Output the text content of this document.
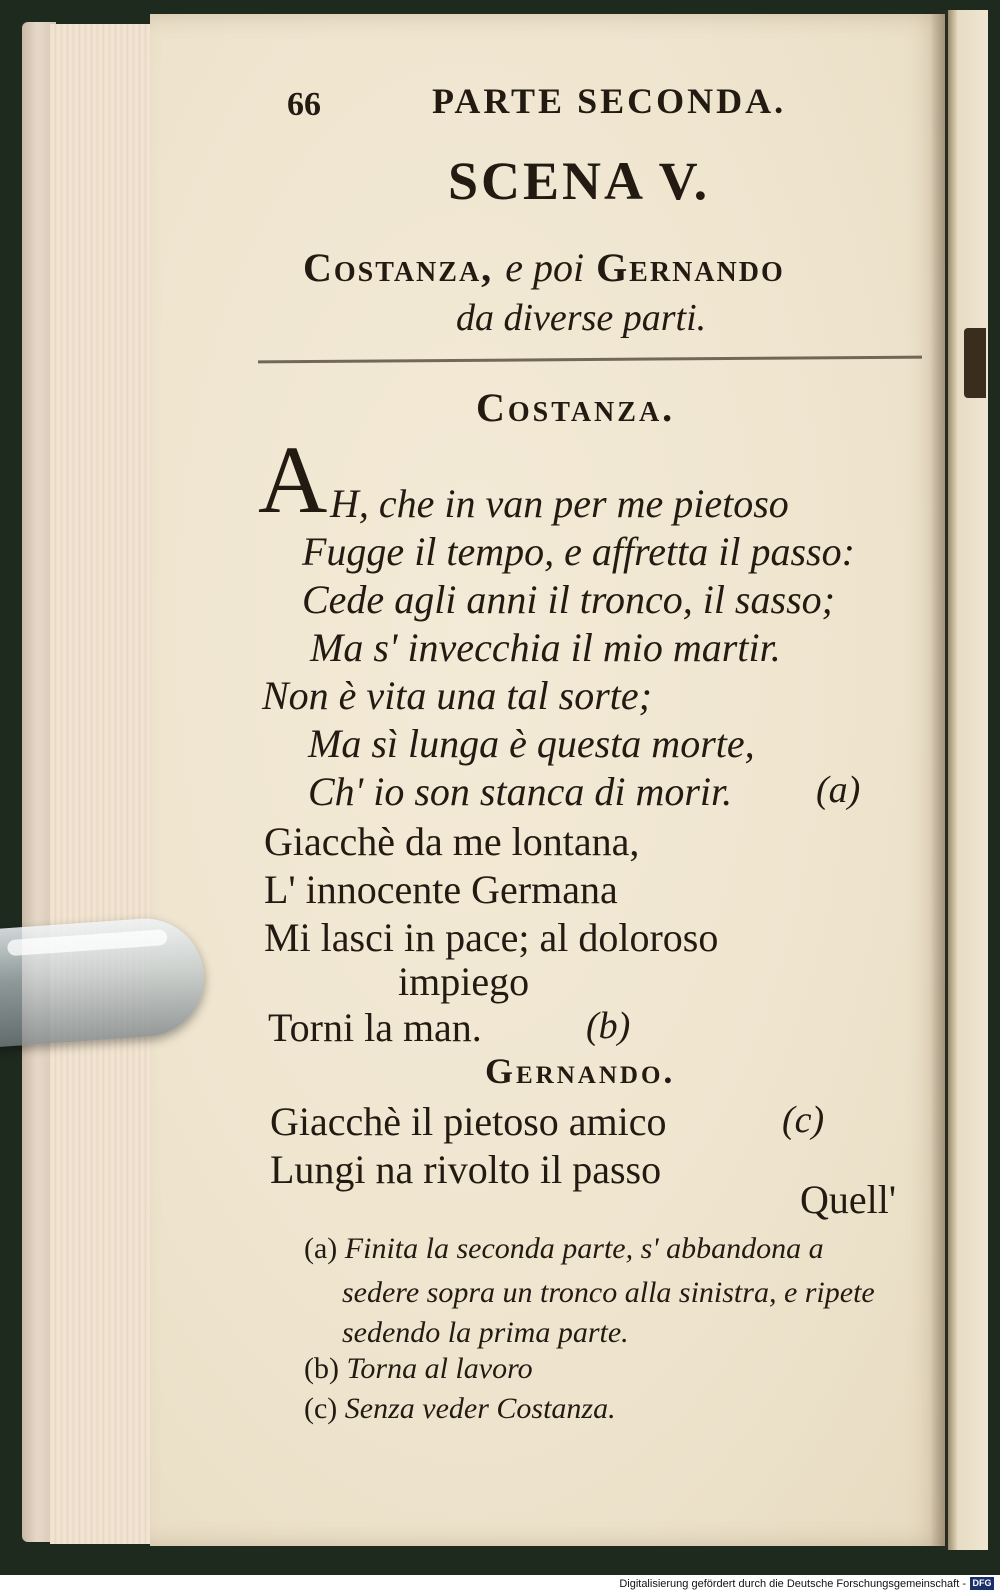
66	PARTE SECONDA.
SCENA V.
Costanza, e poi Gernando
da diverse parti.
Costanza.
A H, che in van per me pietoso
Fugge il tempo, e affretta il passo:
Cede agli anni il tronco, il sasso;
Ma s' invecchia il mio martir.
Non è vita una tal sorte;
Ma sì lunga è questa morte,
Ch' io son stanca di morir. (a)
Giacchè da me lontana,
L' innocente Germana
Mi lasci in pace; al doloroso
impiego
Torni la man.	(b)
Gernando.
Giacchè il pietoso amico	(c)
Lungi na rivolto il passo
Quell'
(a) Finita la seconda parte, s' abbandona a
sedere sopra un tronco alla sinistra, e ripete
sedendo la prima parte.
(b) Torna al lavoro
(c) Senza veder Costanza.
Digitalisierung gefördert durch die Deutsche Forschungsgemeinschaft - DFG
